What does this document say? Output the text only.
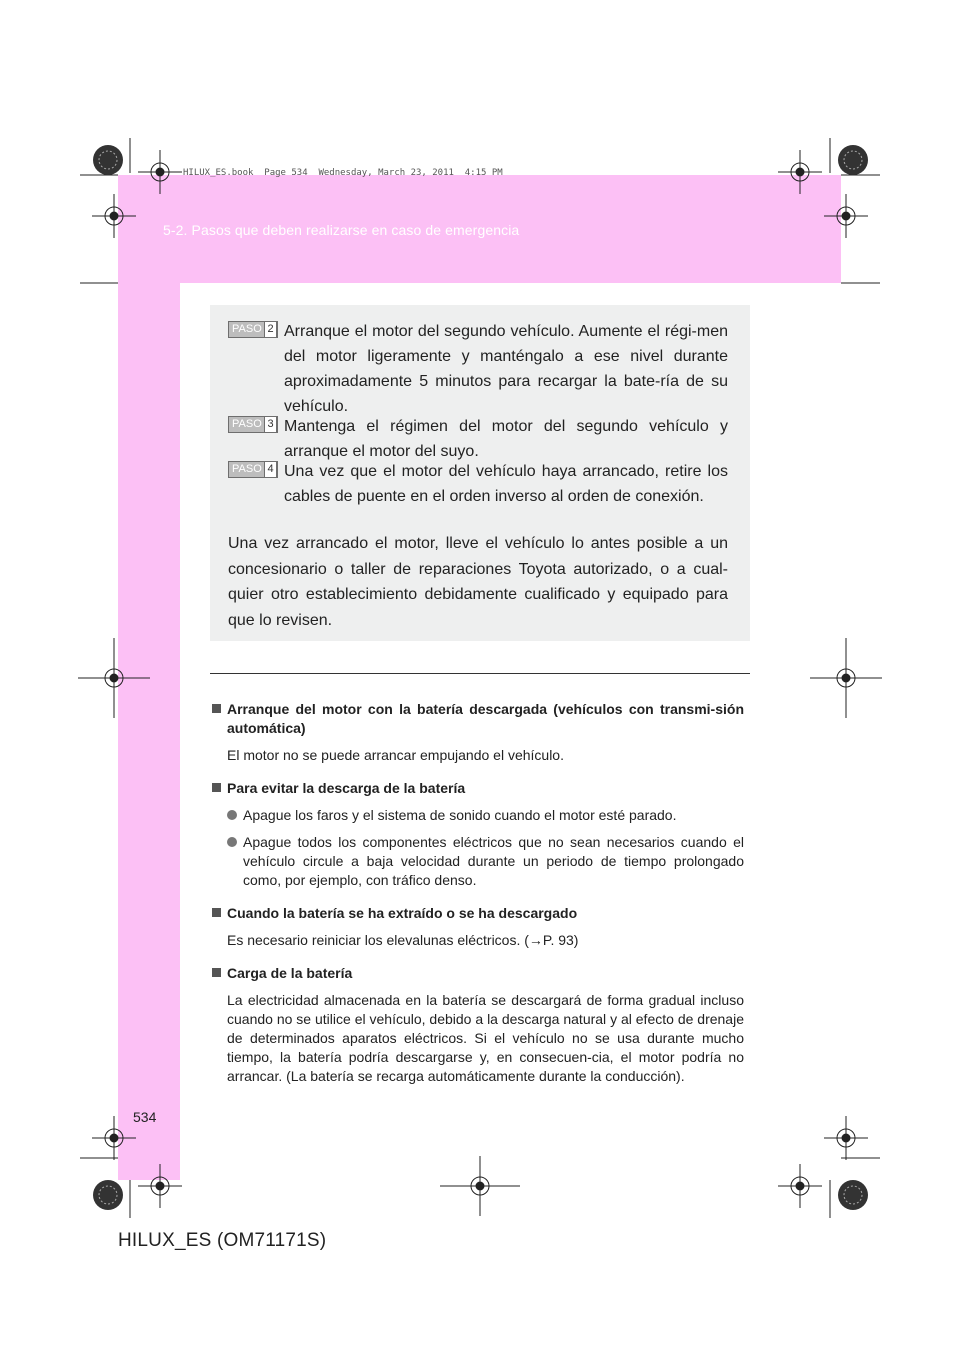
HILUX_ES.book  Page 534  Wednesday, March 23, 2011  4:15 PM
5-2. Pasos que deben realizarse en caso de emergencia
PASO 2 Arranque el motor del segundo vehículo. Aumente el régi-men del motor ligeramente y manténgalo a ese nivel durante aproximadamente 5 minutos para recargar la bate-ría de su vehículo.
PASO 3 Mantenga el régimen del motor del segundo vehículo y arranque el motor del suyo.
PASO 4 Una vez que el motor del vehículo haya arrancado, retire los cables de puente en el orden inverso al orden de conexión.
Una vez arrancado el motor, lleve el vehículo lo antes posible a un concesionario o taller de reparaciones Toyota autorizado, o a cual-quier otro establecimiento debidamente cualificado y equipado para que lo revisen.
Arranque del motor con la batería descargada (vehículos con transmi-sión automática)
El motor no se puede arrancar empujando el vehículo.
Para evitar la descarga de la batería
Apague los faros y el sistema de sonido cuando el motor esté parado.
Apague todos los componentes eléctricos que no sean necesarios cuando el vehículo circule a baja velocidad durante un periodo de tiempo prolongado como, por ejemplo, con tráfico denso.
Cuando la batería se ha extraído o se ha descargado
Es necesario reiniciar los elevalunas eléctricos. (→P. 93)
Carga de la batería
La electricidad almacenada en la batería se descargará de forma gradual incluso cuando no se utilice el vehículo, debido a la descarga natural y al efecto de drenaje de determinados aparatos eléctricos. Si el vehículo no se usa durante mucho tiempo, la batería podría descargarse y, en consecuen-cia, el motor podría no arrancar. (La batería se recarga automáticamente durante la conducción).
534
HILUX_ES (OM71171S)
